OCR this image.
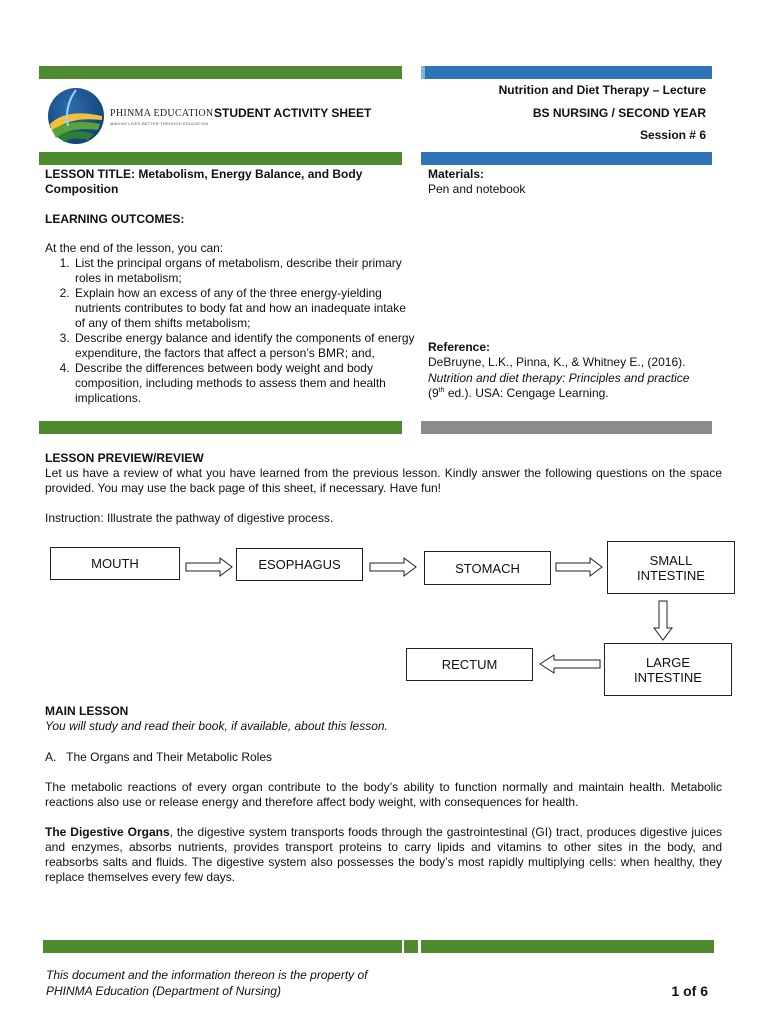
PHINMA EDUCATION
MAKING LIVES BETTER THROUGH EDUCATION
STUDENT ACTIVITY SHEET
Nutrition and Diet Therapy – Lecture
BS NURSING / SECOND YEAR
Session # 6
LESSON TITLE: Metabolism, Energy Balance, and Body Composition
LEARNING OUTCOMES:
At the end of the lesson, you can:
1. List the principal organs of metabolism, describe their primary roles in metabolism;
2. Explain how an excess of any of the three energy-yielding nutrients contributes to body fat and how an inadequate intake of any of them shifts metabolism;
3. Describe energy balance and identify the components of energy expenditure, the factors that affect a person’s BMR; and,
4. Describe the differences between body weight and body composition, including methods to assess them and health implications.
Materials:
Pen and notebook
Reference:
DeBruyne, L.K., Pinna, K., & Whitney E., (2016).
Nutrition and diet therapy: Principles and practice
(9th ed.). USA: Cengage Learning.
LESSON PREVIEW/REVIEW
Let us have a review of what you have learned from the previous lesson. Kindly answer the following questions on the space provided. You may use the back page of this sheet, if necessary. Have fun!
Instruction: Illustrate the pathway of digestive process.
MOUTH	ESOPHAGUS	STOMACH
SMALL INTESTINE
LARGE INTESTINE
RECTUM
MAIN LESSON
You will study and read their book, if available, about this lesson.
A.   The Organs and Their Metabolic Roles
The metabolic reactions of every organ contribute to the body’s ability to function normally and maintain health. Metabolic reactions also use or release energy and therefore affect body weight, with consequences for health.
The Digestive Organs, the digestive system transports foods through the gastrointestinal (GI) tract, produces digestive juices and enzymes, absorbs nutrients, provides transport proteins to carry lipids and vitamins to other sites in the body, and reabsorbs salts and fluids. The digestive system also possesses the body’s most rapidly multiplying cells: when healthy, they replace themselves every few days.
This document and the information thereon is the property of
PHINMA Education (Department of Nursing)	1 of 6
